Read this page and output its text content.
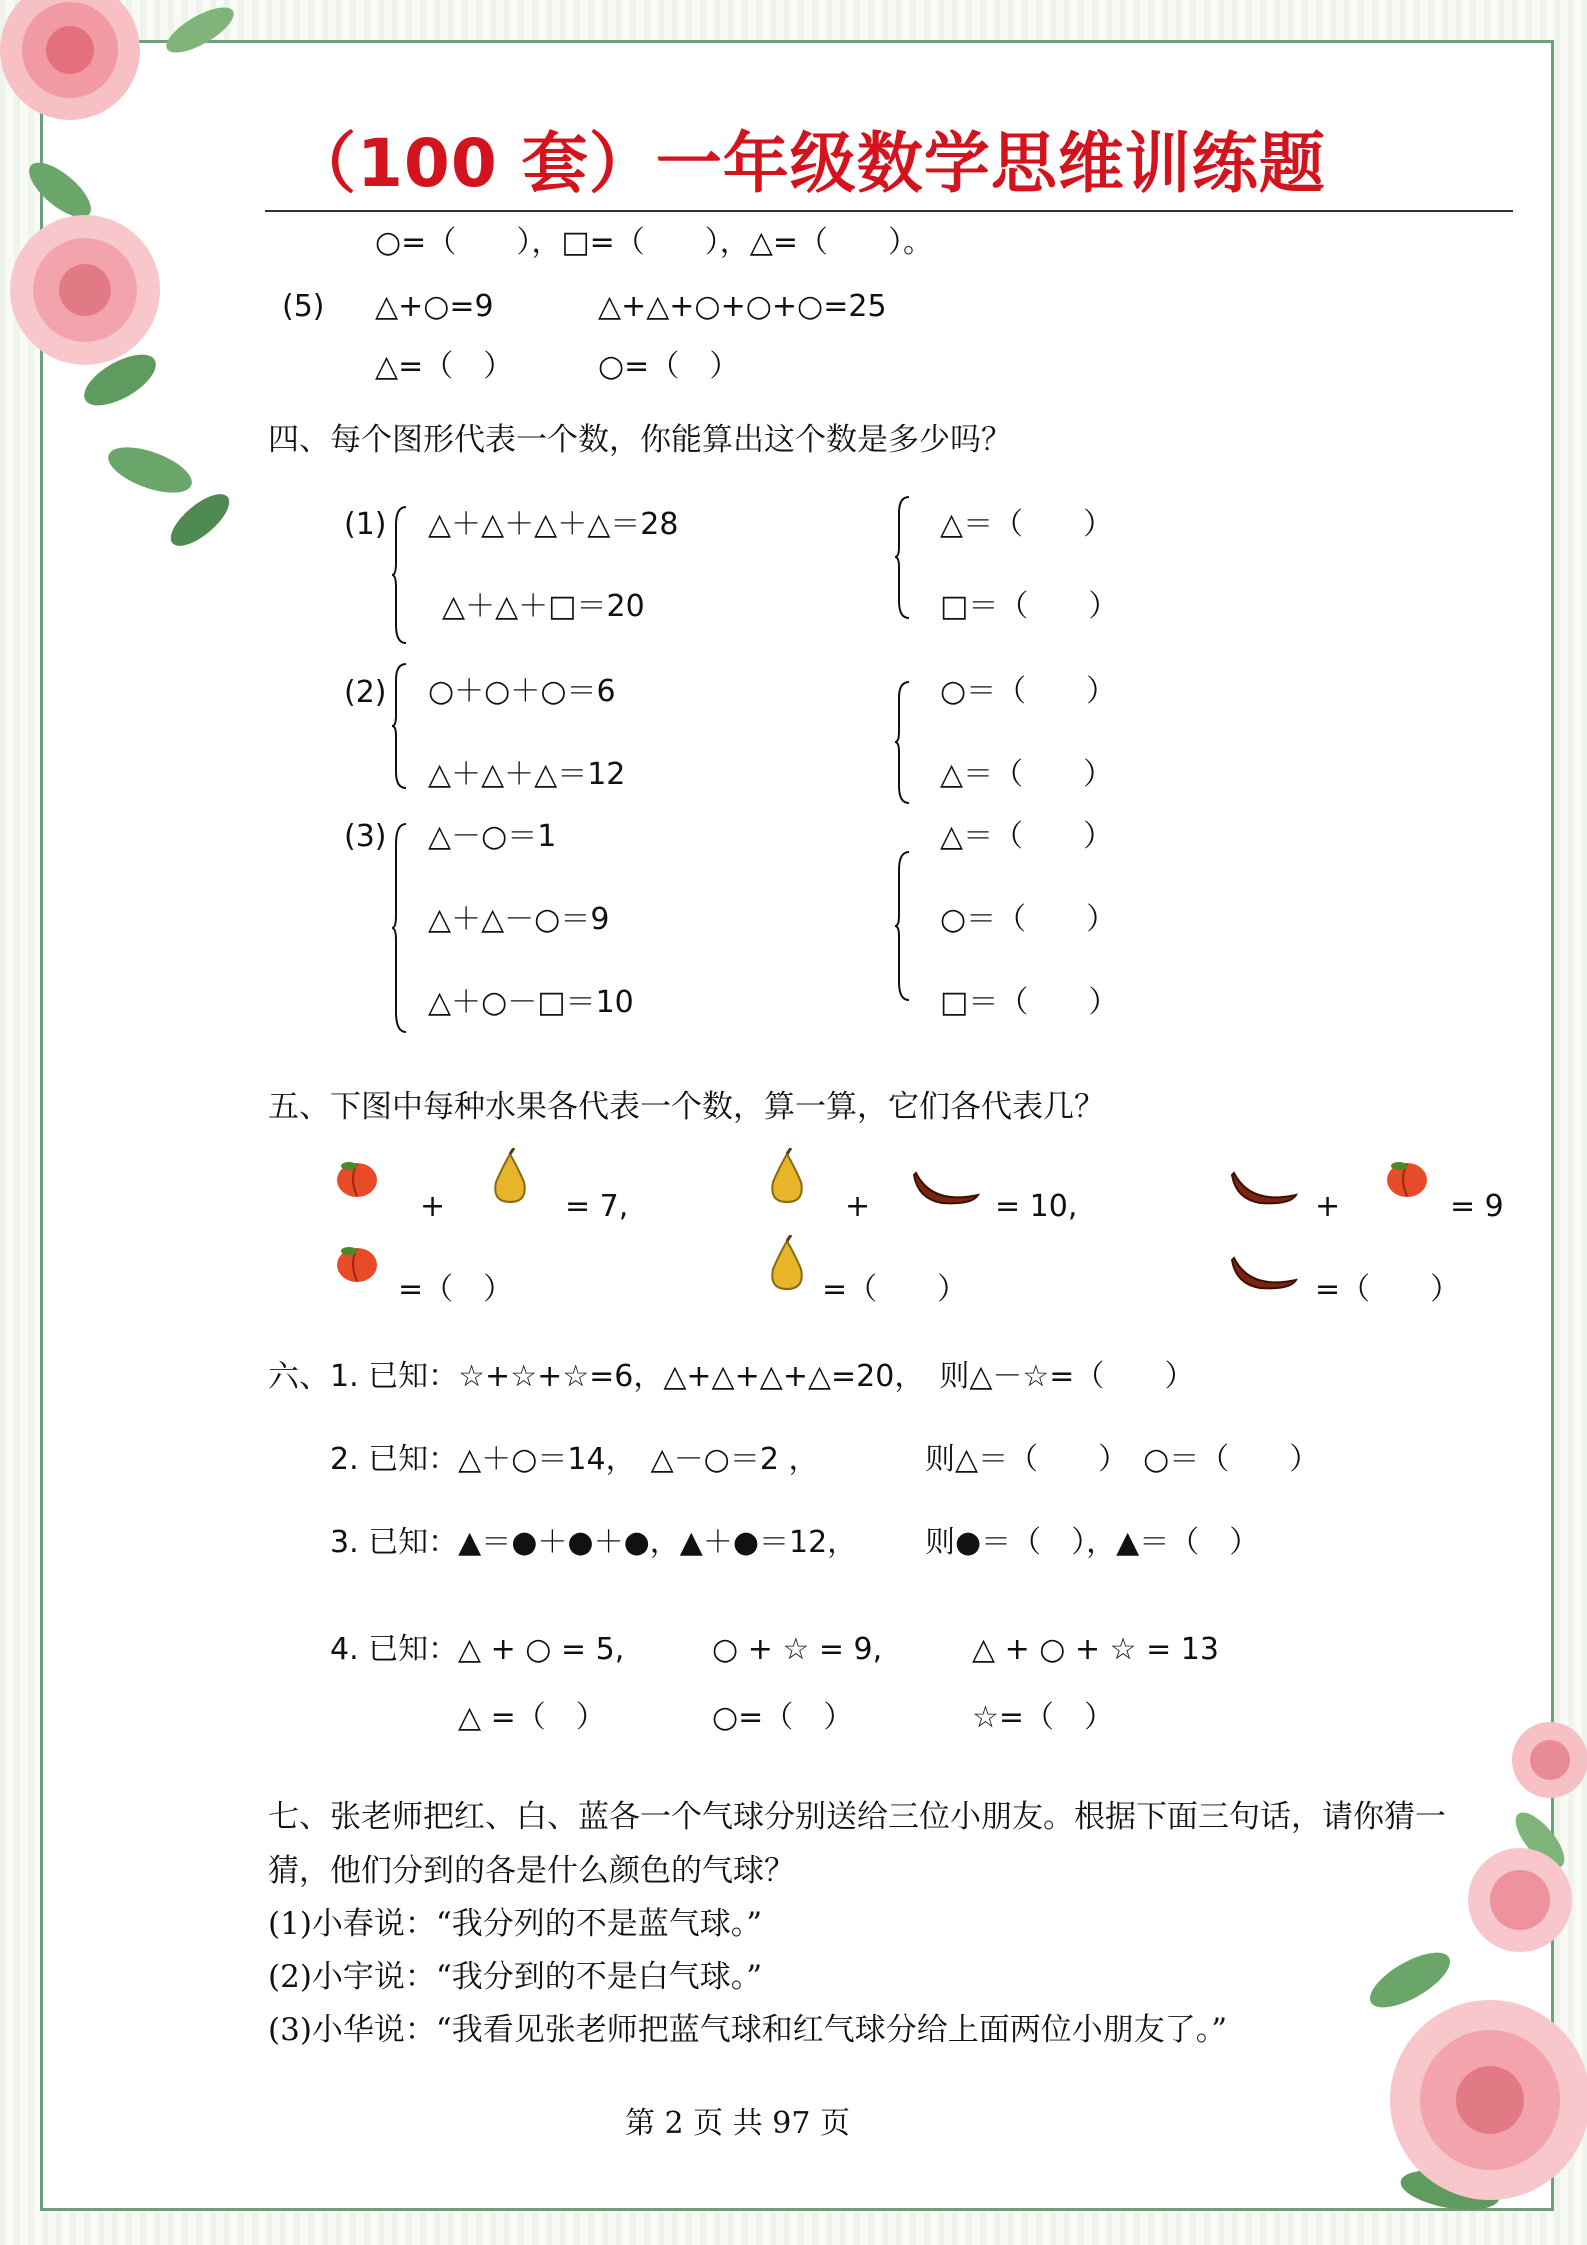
（100 套）一年级数学思维训练题
○=（　　），□=（　　），△=（　　）。
(5) △+○=9	△+△+○+○+○=25
△=（　）	○=（　）
四、每个图形代表一个数，你能算出这个数是多少吗？
(1) △＋△＋△＋△＝28
△＋△＋□＝20
△＝（　　）
□＝（　　）
(2) ○＋○＋○＝6
△＋△＋△＝12
○＝（　　）
△＝（　　）
(3) △－○＝1
△＋△－○＝9
△＋○－□＝10
△＝（　　）
○＝（　　）
□＝（　　）
五、下图中每种水果各代表一个数，算一算，它们各代表几？
+	= 7,	+	= 10,	+	= 9
=（　）	=（　　）	=（　　）
六、 1. 已知：☆+☆+☆=6，△+△+△+△=20，　则△－☆=（　　）
2. 已知：△＋○＝14，　△－○＝2 ，	则△＝（　　）　○＝（　　）
3. 已知：▲＝●＋●＋●，▲＋●＝12， 则●＝（　），▲＝（　）
4. 已知： △ + ○ = 5,	○ + ☆ = 9,	△ + ○ + ☆ = 13
△ =（　）	○=（　）	☆=（　）
七、张老师把红、白、蓝各一个气球分别送给三位小朋友。根据下面三句话，请你猜一
猜，他们分到的各是什么颜色的气球？
(1)小春说：“我分列的不是蓝气球。”
(2)小宇说：“我分到的不是白气球。”
(3)小华说：“我看见张老师把蓝气球和红气球分给上面两位小朋友了。”
第 2 页 共 97 页
